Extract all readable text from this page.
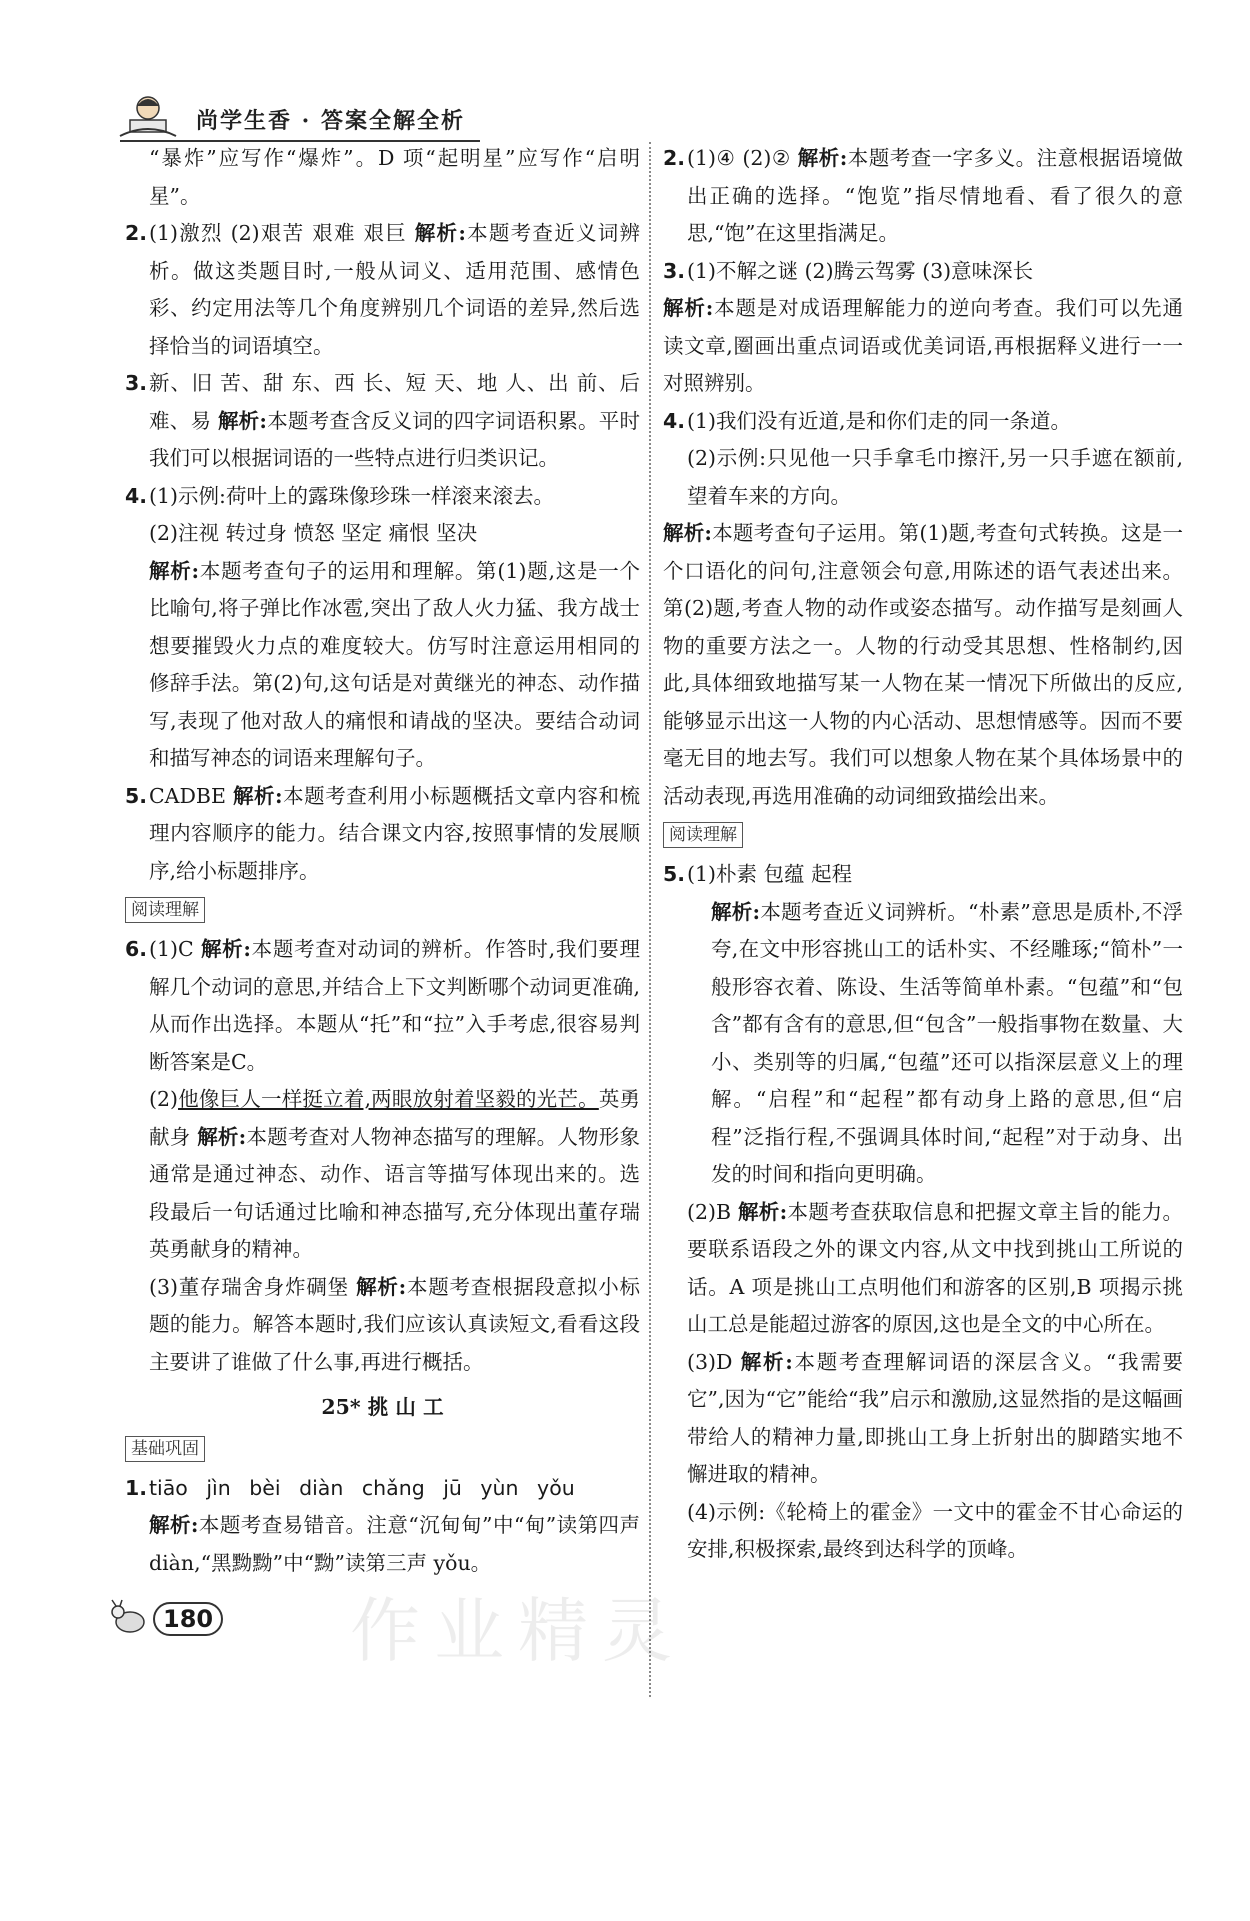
尚学生香 · 答案全解全析
“暴炸”应写作“爆炸”。D 项“起明星”应写作“启明星”。
2. (1)激烈 (2)艰苦 艰难 艰巨 解析:本题考查近义词辨析。做这类题目时,一般从词义、适用范围、感情色彩、约定用法等几个角度辨别几个词语的差异,然后选择恰当的词语填空。
3. 新、旧 苦、甜 东、西 长、短 天、地 人、出 前、后 难、易 解析:本题考查含反义词的四字词语积累。平时我们可以根据词语的一些特点进行归类识记。
4. (1)示例:荷叶上的露珠像珍珠一样滚来滚去。
(2)注视 转过身 愤怒 坚定 痛恨 坚决
解析:本题考查句子的运用和理解。第(1)题,这是一个比喻句,将子弹比作冰雹,突出了敌人火力猛、我方战士想要摧毁火力点的难度较大。仿写时注意运用相同的修辞手法。第(2)句,这句话是对黄继光的神态、动作描写,表现了他对敌人的痛恨和请战的坚决。要结合动词和描写神态的词语来理解句子。
5. CADBE 解析:本题考查利用小标题概括文章内容和梳理内容顺序的能力。结合课文内容,按照事情的发展顺序,给小标题排序。
阅读理解
6. (1)C 解析:本题考查对动词的辨析。作答时,我们要理解几个动词的意思,并结合上下文判断哪个动词更准确,从而作出选择。本题从“托”和“拉”入手考虑,很容易判断答案是C。
(2)他像巨人一样挺立着,两眼放射着坚毅的光芒。英勇献身 解析:本题考查对人物神态描写的理解。人物形象通常是通过神态、动作、语言等描写体现出来的。选段最后一句话通过比喻和神态描写,充分体现出董存瑞英勇献身的精神。
(3)董存瑞舍身炸碉堡 解析:本题考查根据段意拟小标题的能力。解答本题时,我们应该认真读短文,看看这段主要讲了谁做了什么事,再进行概括。
25* 挑 山 工
基础巩固
1. tiāo jìn bèi diàn chǎng jū yùn yǒu
解析:本题考查易错音。注意“沉甸甸”中“甸”读第四声 diàn,“黑黝黝”中“黝”读第三声 yǒu。
2. (1)④ (2)② 解析:本题考查一字多义。注意根据语境做出正确的选择。“饱览”指尽情地看、看了很久的意思,“饱”在这里指满足。
3. (1)不解之谜 (2)腾云驾雾 (3)意味深长
解析:本题是对成语理解能力的逆向考查。我们可以先通读文章,圈画出重点词语或优美词语,再根据释义进行一一对照辨别。
4. (1)我们没有近道,是和你们走的同一条道。
(2)示例:只见他一只手拿毛巾擦汗,另一只手遮在额前,望着车来的方向。
解析:本题考查句子运用。第(1)题,考查句式转换。这是一个口语化的问句,注意领会句意,用陈述的语气表述出来。第(2)题,考查人物的动作或姿态描写。动作描写是刻画人物的重要方法之一。人物的行动受其思想、性格制约,因此,具体细致地描写某一人物在某一情况下所做出的反应,能够显示出这一人物的内心活动、思想情感等。因而不要毫无目的地去写。我们可以想象人物在某个具体场景中的活动表现,再选用准确的动词细致描绘出来。
阅读理解
5. (1)朴素 包蕴 起程
解析:本题考查近义词辨析。“朴素”意思是质朴,不浮夸,在文中形容挑山工的话朴实、不经雕琢;“简朴”一般形容衣着、陈设、生活等简单朴素。“包蕴”和“包含”都有含有的意思,但“包含”一般指事物在数量、大小、类别等的归属,“包蕴”还可以指深层意义上的理解。“启程”和“起程”都有动身上路的意思,但“启程”泛指行程,不强调具体时间,“起程”对于动身、出发的时间和指向更明确。
(2)B 解析:本题考查获取信息和把握文章主旨的能力。要联系语段之外的课文内容,从文中找到挑山工所说的话。A 项是挑山工点明他们和游客的区别,B 项揭示挑山工总是能超过游客的原因,这也是全文的中心所在。
(3)D 解析:本题考查理解词语的深层含义。“我需要它”,因为“它”能给“我”启示和激励,这显然指的是这幅画带给人的精神力量,即挑山工身上折射出的脚踏实地不懈进取的精神。
(4)示例:《轮椅上的霍金》一文中的霍金不甘心命运的安排,积极探索,最终到达科学的顶峰。
180 作业精灵
